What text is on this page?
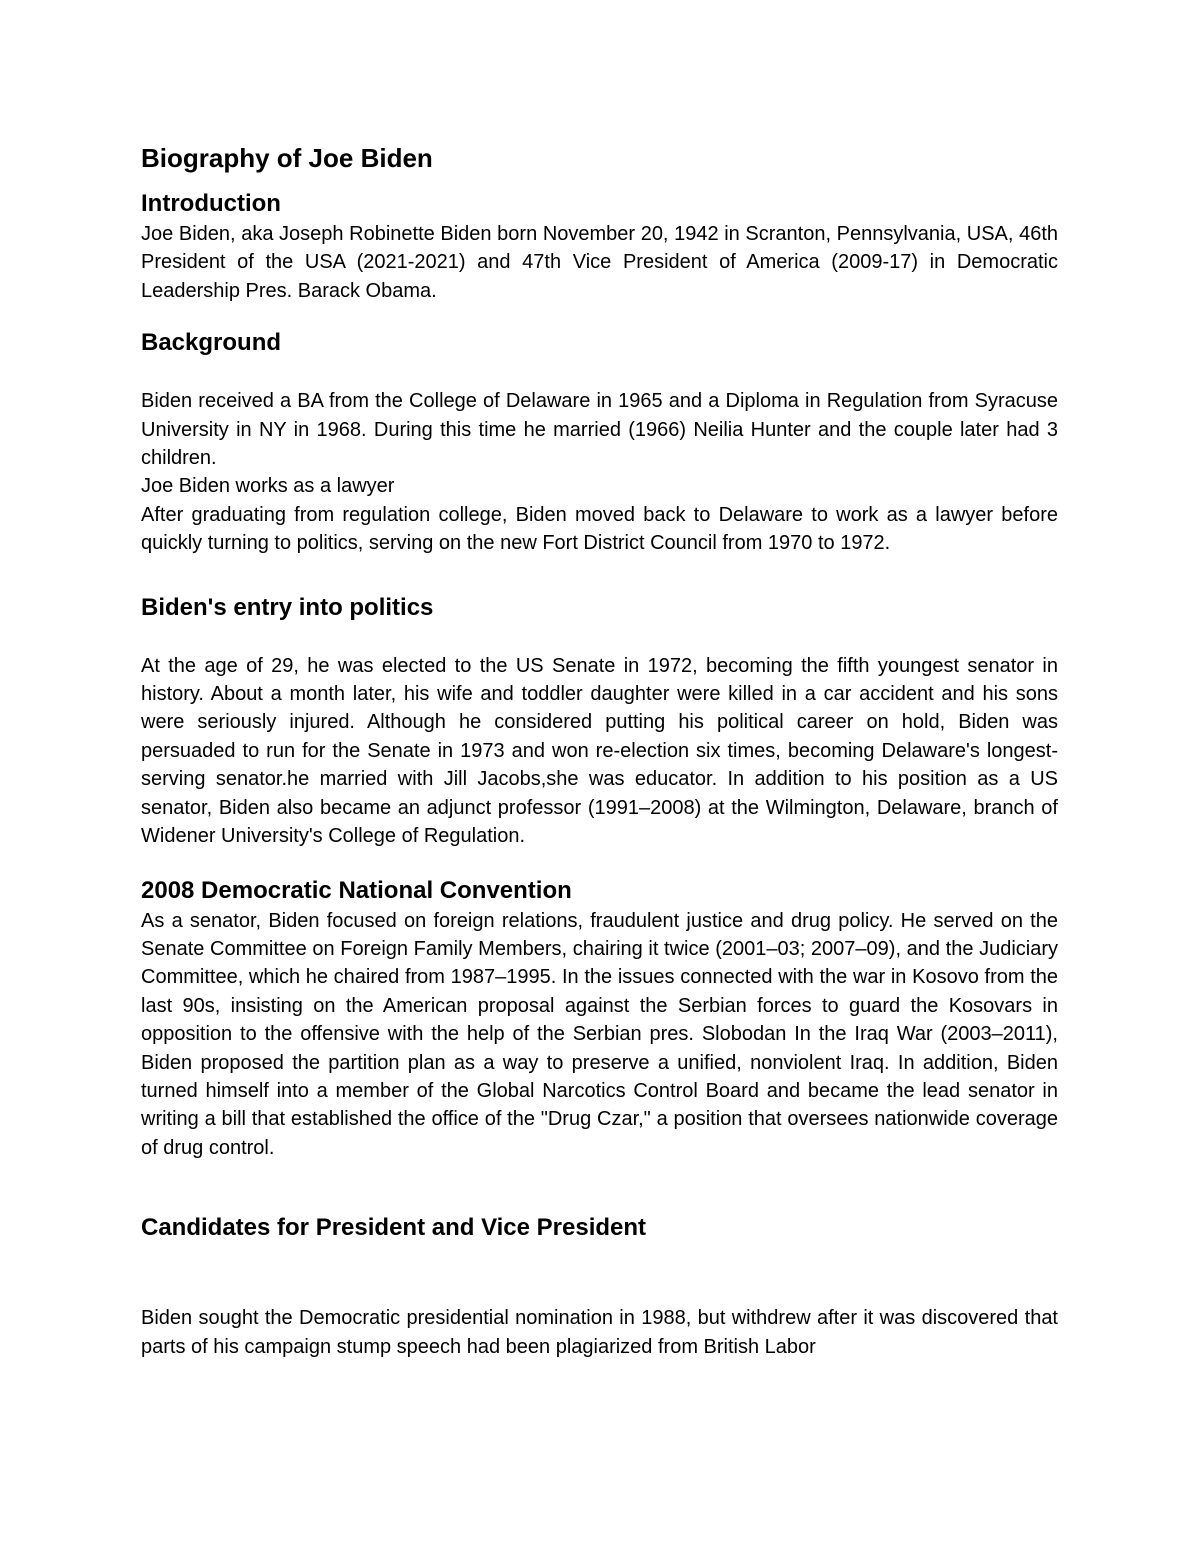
Biography of Joe Biden
Introduction

Joe Biden, aka Joseph Robinette Biden born November 20, 1942 in Scranton, Pennsylvania, USA, 46th President of the USA (2021-2021) and 47th Vice President of America (2009-17) in Democratic Leadership Pres. Barack Obama.

Background

Biden received a BA from the College of Delaware in 1965 and a Diploma in Regulation from Syracuse University in NY in 1968. During this time he married (1966) Neilia Hunter and the couple later had 3 children.

Joe Biden works as a lawyer

After graduating from regulation college, Biden moved back to Delaware to work as a lawyer before quickly turning to politics, serving on the new Fort District Council from 1970 to 1972.

Biden's entry into politics

At the age of 29, he was elected to the US Senate in 1972, becoming the fifth youngest senator in history. About a month later, his wife and toddler daughter were killed in a car accident and his sons were seriously injured. Although he considered putting his political career on hold, Biden was persuaded to run for the Senate in 1973 and won re-election six times, becoming Delaware's longest-serving senator.he married with Jill Jacobs,she was educator. In addition to his position as a US senator, Biden also became an adjunct professor (1991–2008) at the Wilmington, Delaware, branch of Widener University's College of Regulation.

2008 Democratic National Convention

As a senator, Biden focused on foreign relations, fraudulent justice and drug policy. He served on the Senate Committee on Foreign Family Members, chairing it twice (2001–03; 2007–09), and the Judiciary Committee, which he chaired from 1987–1995. In the issues connected with the war in Kosovo from the last 90s, insisting on the American proposal against the Serbian forces to guard the Kosovars in opposition to the offensive with the help of the Serbian pres. Slobodan In the Iraq War (2003–2011), Biden proposed the partition plan as a way to preserve a unified, nonviolent Iraq. In addition, Biden turned himself into a member of the Global Narcotics Control Board and became the lead senator in writing a bill that established the office of the "Drug Czar," a position that oversees nationwide coverage of drug control.

Candidates for President and Vice President

Biden sought the Democratic presidential nomination in 1988, but withdrew after it was discovered that parts of his campaign stump speech had been plagiarized from British Labor
